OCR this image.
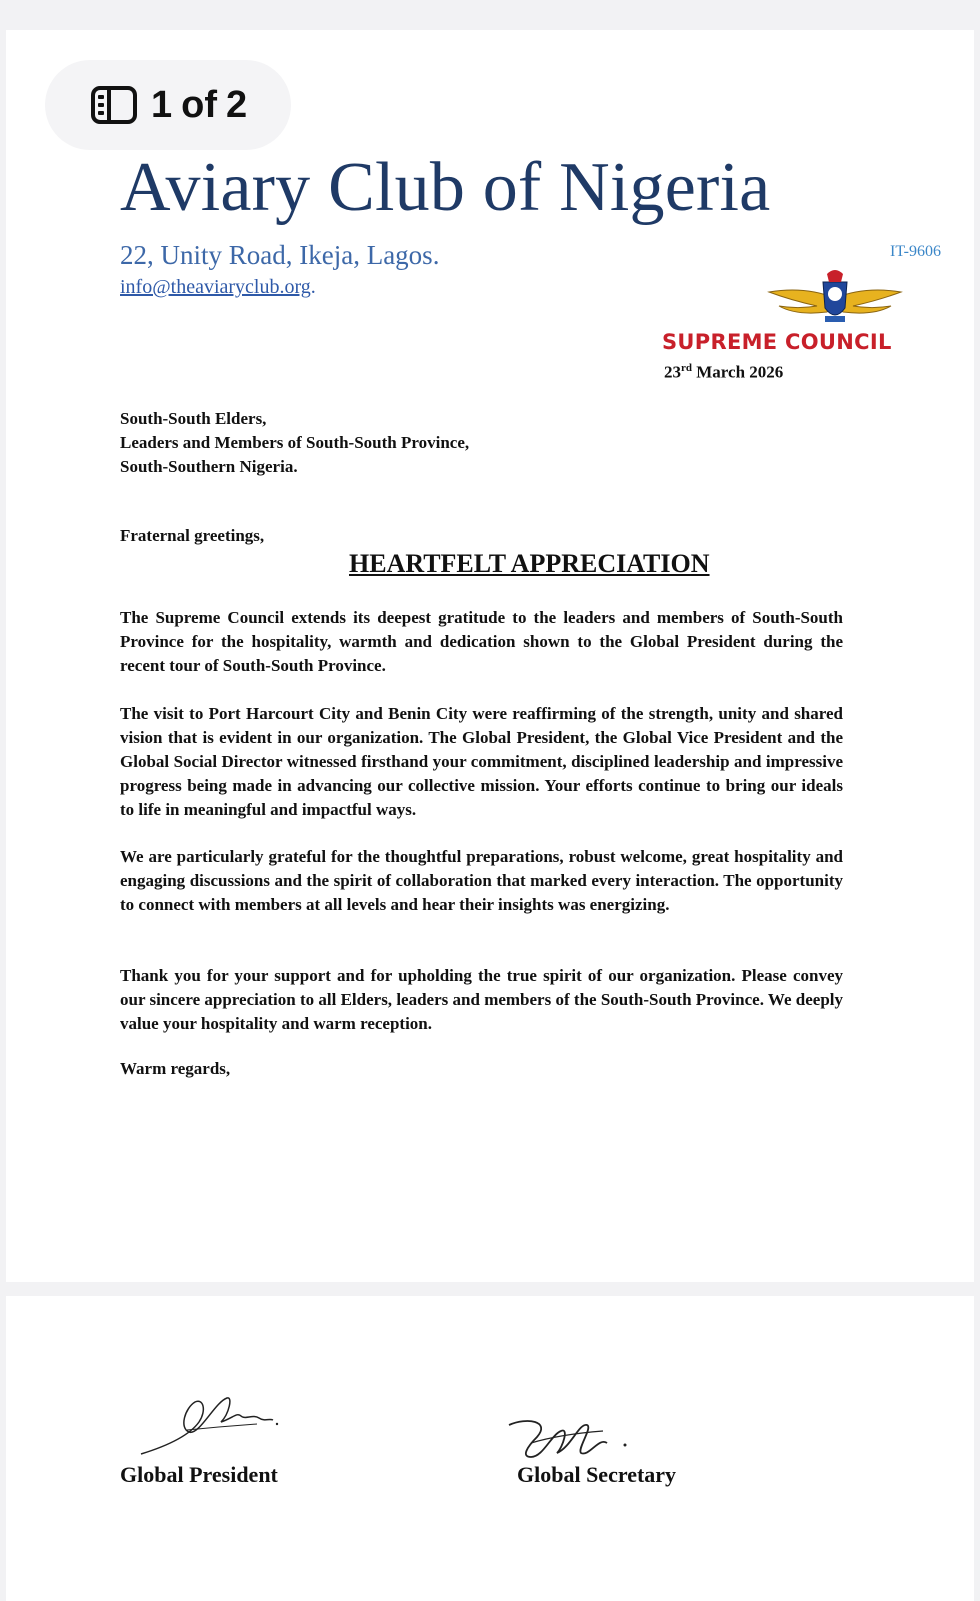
1 of 2
Aviary Club of Nigeria
22, Unity Road, Ikeja, Lagos.
info@theaviaryclub.org.
IT-9606
SUPREME COUNCIL
23rd March 2026
South-South Elders,
Leaders and Members of South-South Province,
South-Southern Nigeria.
Fraternal greetings,
HEARTFELT APPRECIATION

The Supreme Council extends its deepest gratitude to the leaders and members of South-South Province for the hospitality, warmth and dedication shown to the Global President during the recent tour of South-South Province.

The visit to Port Harcourt City and Benin City were reaffirming of the strength, unity and shared vision that is evident in our organization. The Global President, the Global Vice President and the Global Social Director witnessed firsthand your commitment, disciplined leadership and impressive progress being made in advancing our collective mission. Your efforts continue to bring our ideals to life in meaningful and impactful ways.

We are particularly grateful for the thoughtful preparations, robust welcome, great hospitality and engaging discussions and the spirit of collaboration that marked every interaction. The opportunity to connect with members at all levels and hear their insights was energizing.

Thank you for your support and for upholding the true spirit of our organization. Please convey our sincere appreciation to all Elders, leaders and members of the South-South Province. We deeply value your hospitality and warm reception.

Warm regards,
Global President	Global Secretary
